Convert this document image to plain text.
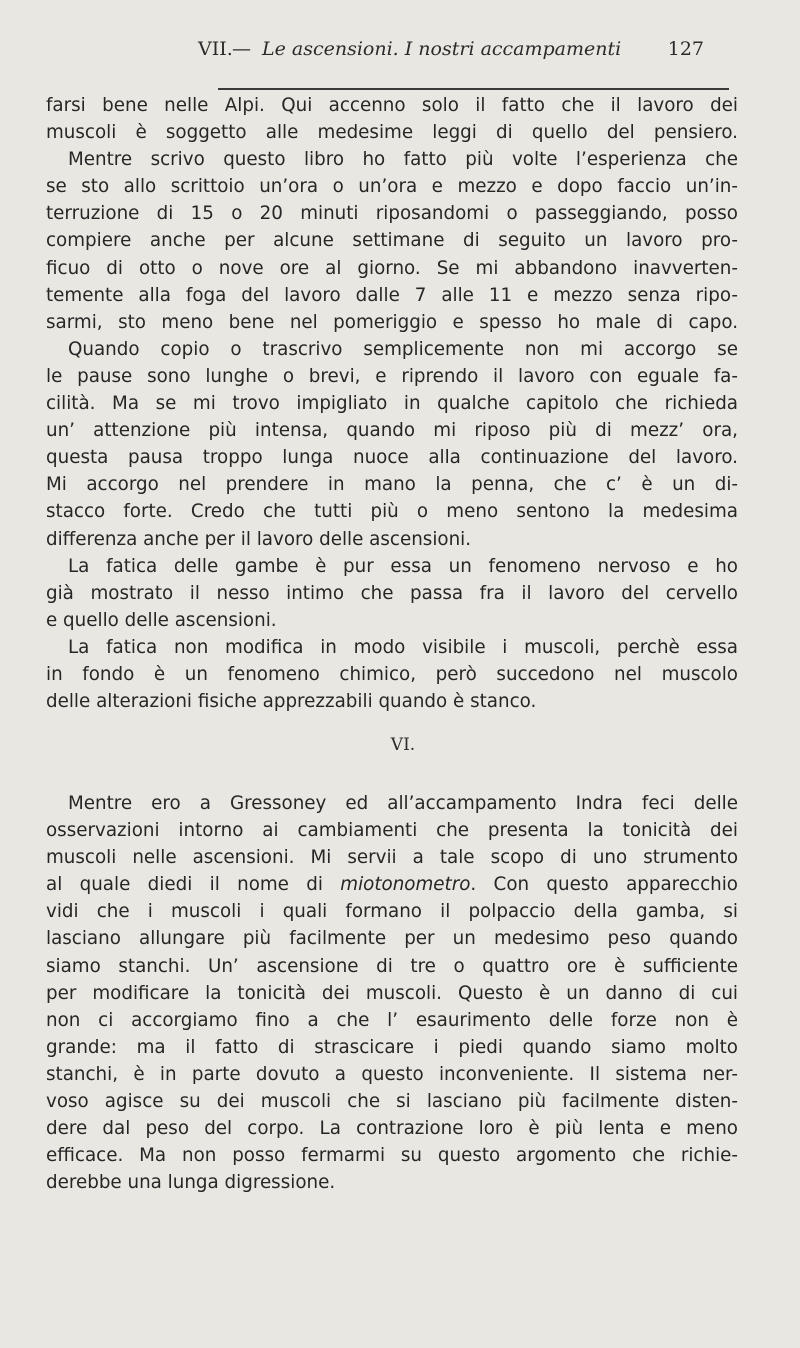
VII. — Le ascensioni. I nostri accampamenti 127
farsi bene nelle Alpi. Qui accenno solo il fatto che il lavoro dei
muscoli è soggetto alle medesime leggi di quello del pensiero.
Mentre scrivo questo libro ho fatto più volte l’esperienza che
se sto allo scrittoio un’ora o un’ora e mezzo e dopo faccio un’in-
terruzione di 15 o 20 minuti riposandomi o passeggiando, posso
compiere anche per alcune settimane di seguito un lavoro pro-
ficuo di otto o nove ore al giorno. Se mi abbandono inavverten-
temente alla foga del lavoro dalle 7 alle 11 e mezzo senza ripo-
sarmi, sto meno bene nel pomeriggio e spesso ho male di capo.
Quando copio o trascrivo semplicemente non mi accorgo se
le pause sono lunghe o brevi, e riprendo il lavoro con eguale fa-
cilità. Ma se mi trovo impigliato in qualche capitolo che richieda
un’ attenzione più intensa, quando mi riposo più di mezz’ ora,
questa pausa troppo lunga nuoce alla continuazione del lavoro.
Mi accorgo nel prendere in mano la penna, che c’ è un di-
stacco forte. Credo che tutti più o meno sentono la medesima
differenza anche per il lavoro delle ascensioni.
La fatica delle gambe è pur essa un fenomeno nervoso e ho
già mostrato il nesso intimo che passa fra il lavoro del cervello
e quello delle ascensioni.
La fatica non modifica in modo visibile i muscoli, perchè essa
in fondo è un fenomeno chimico, però succedono nel muscolo
delle alterazioni fisiche apprezzabili quando è stanco.
VI.
Mentre ero a Gressoney ed all’accampamento Indra feci delle
osservazioni intorno ai cambiamenti che presenta la tonicità dei
muscoli nelle ascensioni. Mi servii a tale scopo di uno strumento
al quale diedi il nome di miotonometro. Con questo apparecchio
vidi che i muscoli i quali formano il polpaccio della gamba, si
lasciano allungare più facilmente per un medesimo peso quando
siamo stanchi. Un’ ascensione di tre o quattro ore è sufficiente
per modificare la tonicità dei muscoli. Questo è un danno di cui
non ci accorgiamo fino a che l’ esaurimento delle forze non è
grande: ma il fatto di strascicare i piedi quando siamo molto
stanchi, è in parte dovuto a questo inconveniente. Il sistema ner-
voso agisce su dei muscoli che si lasciano più facilmente disten-
dere dal peso del corpo. La contrazione loro è più lenta e meno
efficace. Ma non posso fermarmi su questo argomento che richie-
derebbe una lunga digressione.
